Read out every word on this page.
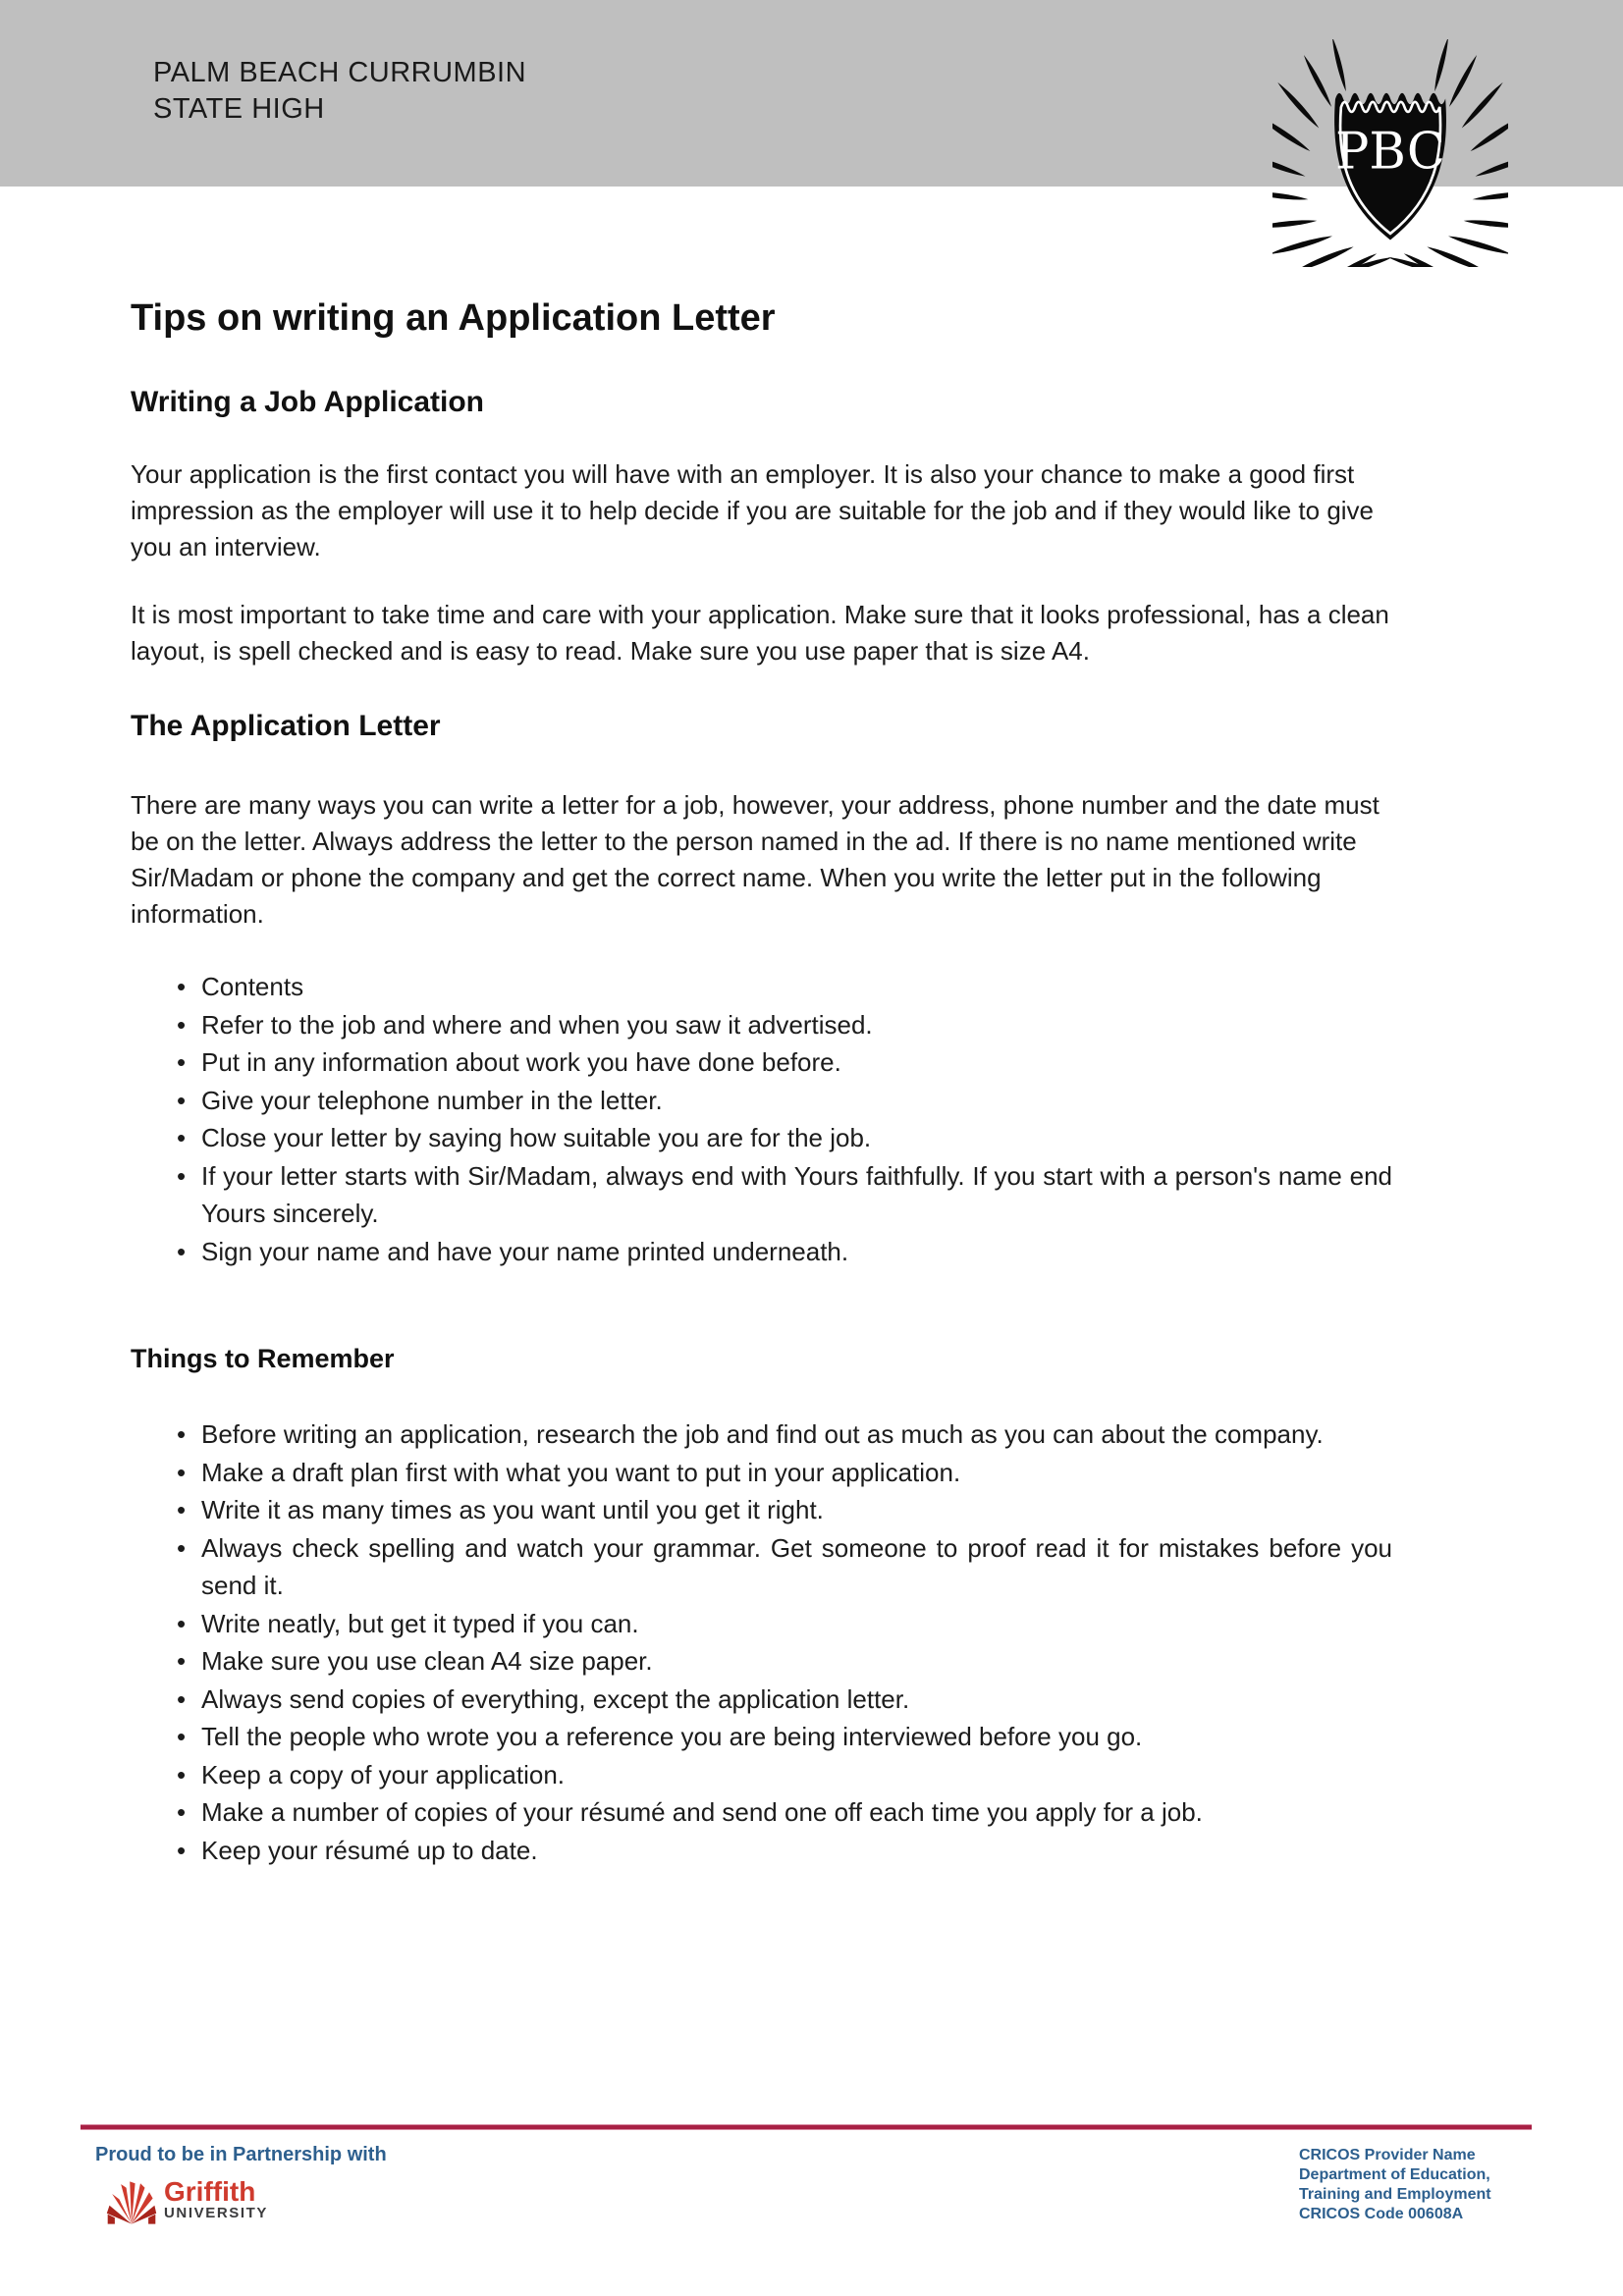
PALM BEACH CURRUMBIN
STATE HIGH
PBC
Tips on writing an Application Letter
Writing a Job Application

Your application is the first contact you will have with an employer. It is also your chance to make a good first impression as the employer will use it to help decide if you are suitable for the job and if they would like to give you an interview.

It is most important to take time and care with your application. Make sure that it looks professional, has a clean layout, is spell checked and is easy to read. Make sure you use paper that is size A4.

The Application Letter

There are many ways you can write a letter for a job, however, your address, phone number and the date must be on the letter. Always address the letter to the person named in the ad. If there is no name mentioned write Sir/Madam or phone the company and get the correct name. When you write the letter put in the following information.

• Contents
• Refer to the job and where and when you saw it advertised.
• Put in any information about work you have done before.
• Give your telephone number in the letter.
• Close your letter by saying how suitable you are for the job.
• If your letter starts with Sir/Madam, always end with Yours faithfully. If you start with a person's name end Yours sincerely.
• Sign your name and have your name printed underneath.
Things to Remember
• Before writing an application, research the job and find out as much as you can about the company.
• Make a draft plan first with what you want to put in your application.
• Write it as many times as you want until you get it right.
• Always check spelling and watch your grammar. Get someone to proof read it for mistakes before you send it.
• Write neatly, but get it typed if you can.
• Make sure you use clean A4 size paper.
• Always send copies of everything, except the application letter.
• Tell the people who wrote you a reference you are being interviewed before you go.
• Keep a copy of your application.
• Make a number of copies of your résumé and send one off each time you apply for a job.
• Keep your résumé up to date.
Proud to be in Partnership with
Griffith
UNIVERSITY
CRICOS Provider Name
Department of Education,
Training and Employment
CRICOS Code 00608A
